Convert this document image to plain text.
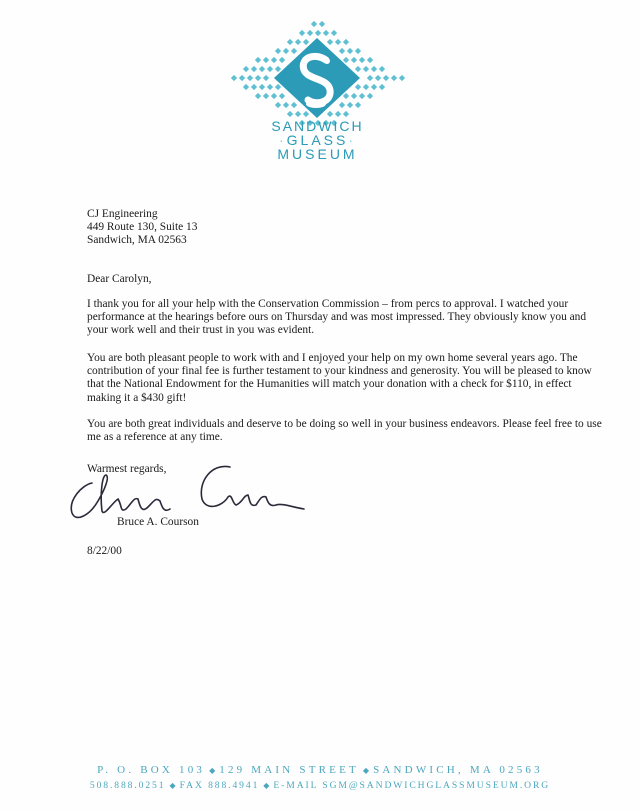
SANDWICH
·GLASS·
MUSEUM
CJ Engineering
449 Route 130, Suite 13
Sandwich, MA 02563
Dear Carolyn,
I thank you for all your help with the Conservation Commission – from percs to approval. I watched your performance at the hearings before ours on Thursday and was most impressed. They obviously know you and your work well and their trust in you was evident.
You are both pleasant people to work with and I enjoyed your help on my own home several years ago. The contribution of your final fee is further testament to your kindness and generosity. You will be pleased to know that the National Endowment for the Humanities will match your donation with a check for $110, in effect making it a $430 gift!
You are both great individuals and deserve to be doing so well in your business endeavors. Please feel free to use me as a reference at any time.
Warmest regards,
Bruce A. Courson
8/22/00
P. O. BOX 103 ◆ 129 MAIN STREET ◆ SANDWICH, MA 02563
508.888.0251 ◆ FAX 888.4941 ◆ E-MAIL SGM@SANDWICHGLASSMUSEUM.ORG
